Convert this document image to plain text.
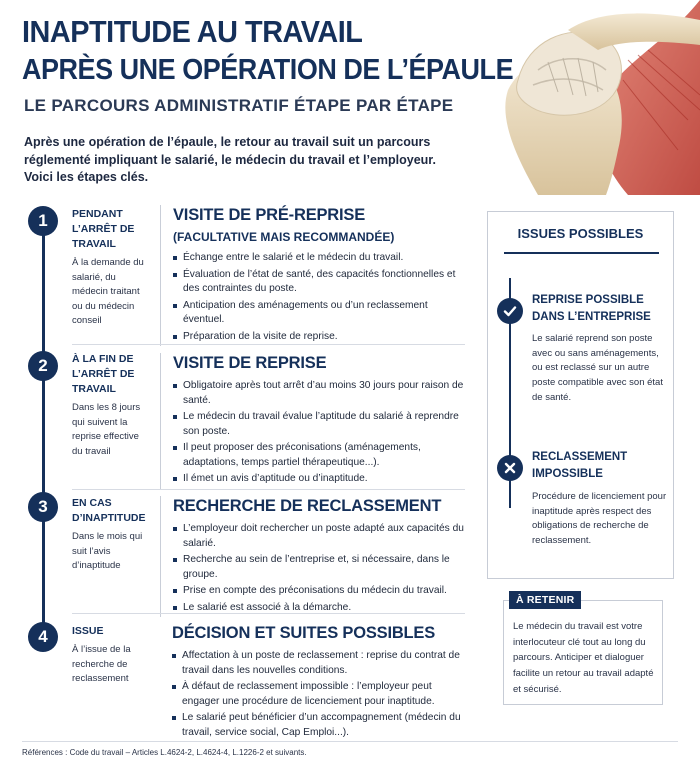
INAPTITUDE AU TRAVAIL
APRÈS UNE OPÉRATION DE L’ÉPAULE
LE PARCOURS ADMINISTRATIF ÉTAPE PAR ÉTAPE
Après une opération de l’épaule, le retour au travail suit un parcours réglementé impliquant le salarié, le médecin du travail et l’employeur. Voici les étapes clés.
1	PENDANT L’ARRÊT DE TRAVAIL
À la demande du salarié, du médecin traitant ou du médecin conseil
VISITE DE PRÉ-REPRISE
(FACULTATIVE MAIS RECOMMANDÉE)
Échange entre le salarié et le médecin du travail.
Évaluation de l’état de santé, des capacités fonctionnelles et des contraintes du poste.
Anticipation des aménagements ou d’un reclassement éventuel.
Préparation de la visite de reprise.
2	À LA FIN DE L’ARRÊT DE TRAVAIL
Dans les 8 jours qui suivent la reprise effective du travail
VISITE DE REPRISE
Obligatoire après tout arrêt d’au moins 30 jours pour raison de santé.
Le médecin du travail évalue l’aptitude du salarié à reprendre son poste.
Il peut proposer des préconisations (aménagements, adaptations, temps partiel thérapeutique...).
Il émet un avis d’aptitude ou d’inaptitude.
3	EN CAS D’INAPTITUDE
Dans le mois qui suit l’avis d’inaptitude
RECHERCHE DE RECLASSEMENT
L’employeur doit rechercher un poste adapté aux capacités du salarié.
Recherche au sein de l’entreprise et, si nécessaire, dans le groupe.
Prise en compte des préconisations du médecin du travail.
Le salarié est associé à la démarche.
4	ISSUE
À l’issue de la recherche de reclassement
DÉCISION ET SUITES POSSIBLES
Affectation à un poste de reclassement : reprise du contrat de travail dans les nouvelles conditions.
À défaut de reclassement impossible : l’employeur peut engager une procédure de licenciement pour inaptitude.
Le salarié peut bénéficier d’un accompagnement (médecin du travail, service social, Cap Emploi...).
ISSUES POSSIBLES
REPRISE POSSIBLE DANS L’ENTREPRISE
Le salarié reprend son poste avec ou sans aménagements, ou est reclassé sur un autre poste compatible avec son état de santé.
RECLASSEMENT IMPOSSIBLE
Procédure de licenciement pour inaptitude après respect des obligations de recherche de reclassement.
À RETENIR
Le médecin du travail est votre interlocuteur clé tout au long du parcours. Anticiper et dialoguer facilite un retour au travail adapté et sécurisé.
Références : Code du travail – Articles L.4624-2, L.4624-4, L.1226-2 et suivants.
